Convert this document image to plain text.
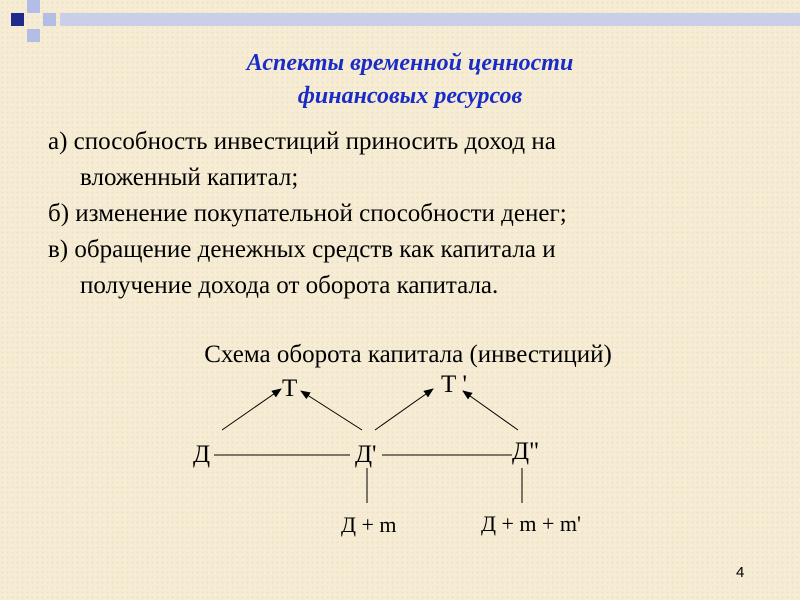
Аспекты временной ценности
финансовых ресурсов
а) способность инвестиций приносить доход на
вложенный капитал;
б) изменение покупательной способности денег;
в) обращение денежных средств как капитала и
получение дохода от оборота капитала.
Схема оборота капитала (инвестиций)
Д
Т
Д'
Т '
Д"
Д + m	Д + m + m'
4
